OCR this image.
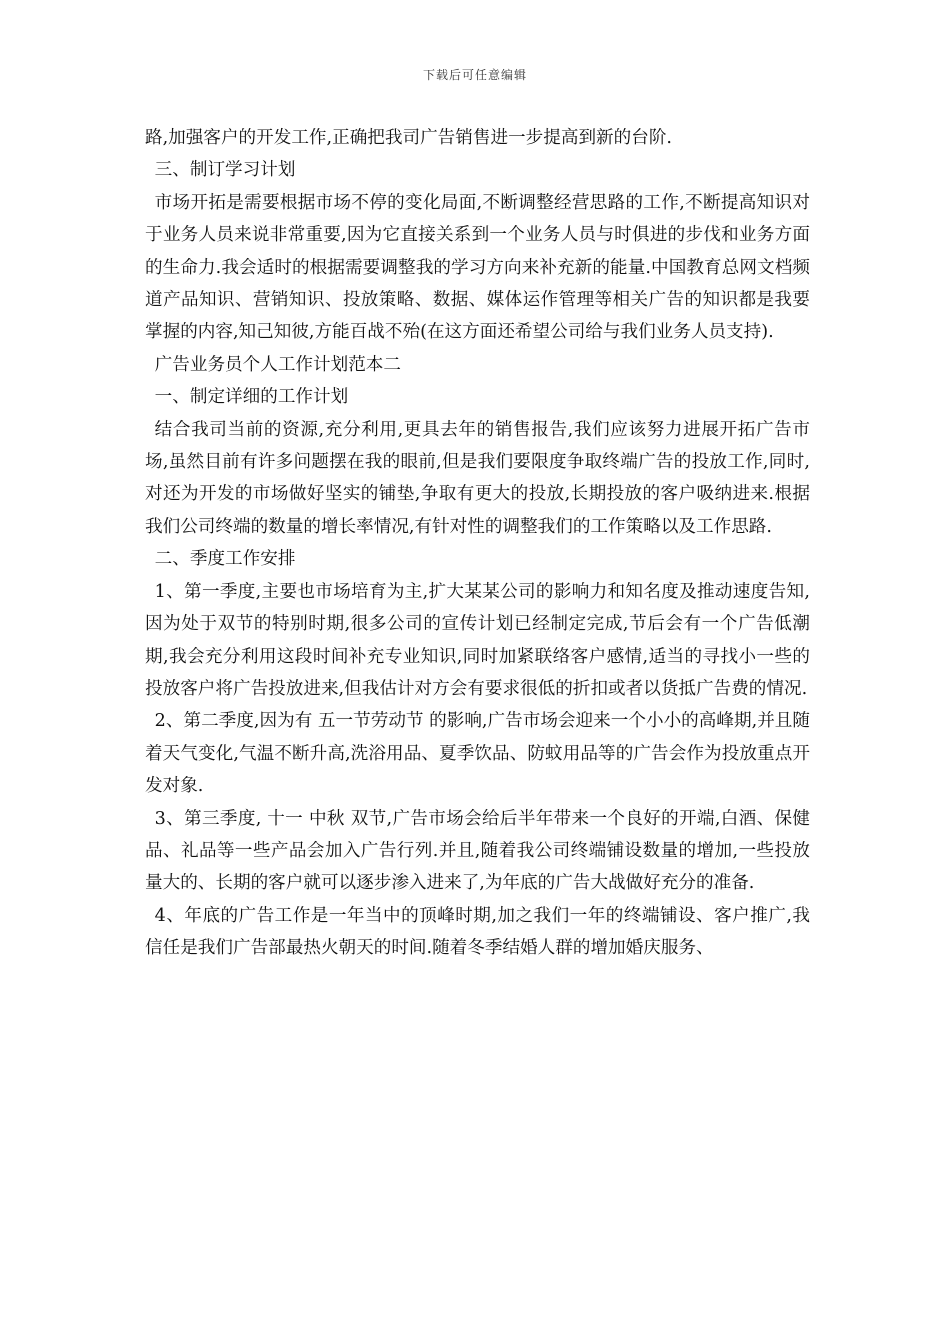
下载后可任意编辑

路,加强客户的开发工作,正确把我司广告销售进一步提高到新的台阶.

三、制订学习计划

市场开拓是需要根据市场不停的变化局面,不断调整经营思路的工作,不断提高知识对于业务人员来说非常重要,因为它直接关系到一个业务人员与时俱进的步伐和业务方面的生命力.我会适时的根据需要调整我的学习方向来补充新的能量.中国教育总网文档频道产品知识、营销知识、投放策略、数据、媒体运作管理等相关广告的知识都是我要掌握的内容,知己知彼,方能百战不殆(在这方面还希望公司给与我们业务人员支持).

广告业务员个人工作计划范本二

一、制定详细的工作计划

结合我司当前的资源,充分利用,更具去年的销售报告,我们应该努力进展开拓广告市场,虽然目前有许多问题摆在我的眼前,但是我们要限度争取终端广告的投放工作,同时,对还为开发的市场做好坚实的铺垫,争取有更大的投放,长期投放的客户吸纳进来.根据我们公司终端的数量的增长率情况,有针对性的调整我们的工作策略以及工作思路.

二、季度工作安排

1、第一季度,主要也市场培育为主,扩大某某公司的影响力和知名度及推动速度告知,因为处于双节的特别时期,很多公司的宣传计划已经制定完成,节后会有一个广告低潮期,我会充分利用这段时间补充专业知识,同时加紧联络客户感情,适当的寻找小一些的投放客户将广告投放进来,但我估计对方会有要求很低的折扣或者以货抵广告费的情况.

2、第二季度,因为有 五一节劳动节 的影响,广告市场会迎来一个小小的高峰期,并且随着天气变化,气温不断升高,洗浴用品、夏季饮品、防蚊用品等的广告会作为投放重点开发对象.

3、第三季度, 十一 中秋 双节,广告市场会给后半年带来一个良好的开端,白酒、保健品、礼品等一些产品会加入广告行列.并且,随着我公司终端铺设数量的增加,一些投放量大的、长期的客户就可以逐步渗入进来了,为年底的广告大战做好充分的准备.

4、年底的广告工作是一年当中的顶峰时期,加之我们一年的终端铺设、客户推广,我信任是我们广告部最热火朝天的时间.随着冬季结婚人群的增加婚庆服务、
